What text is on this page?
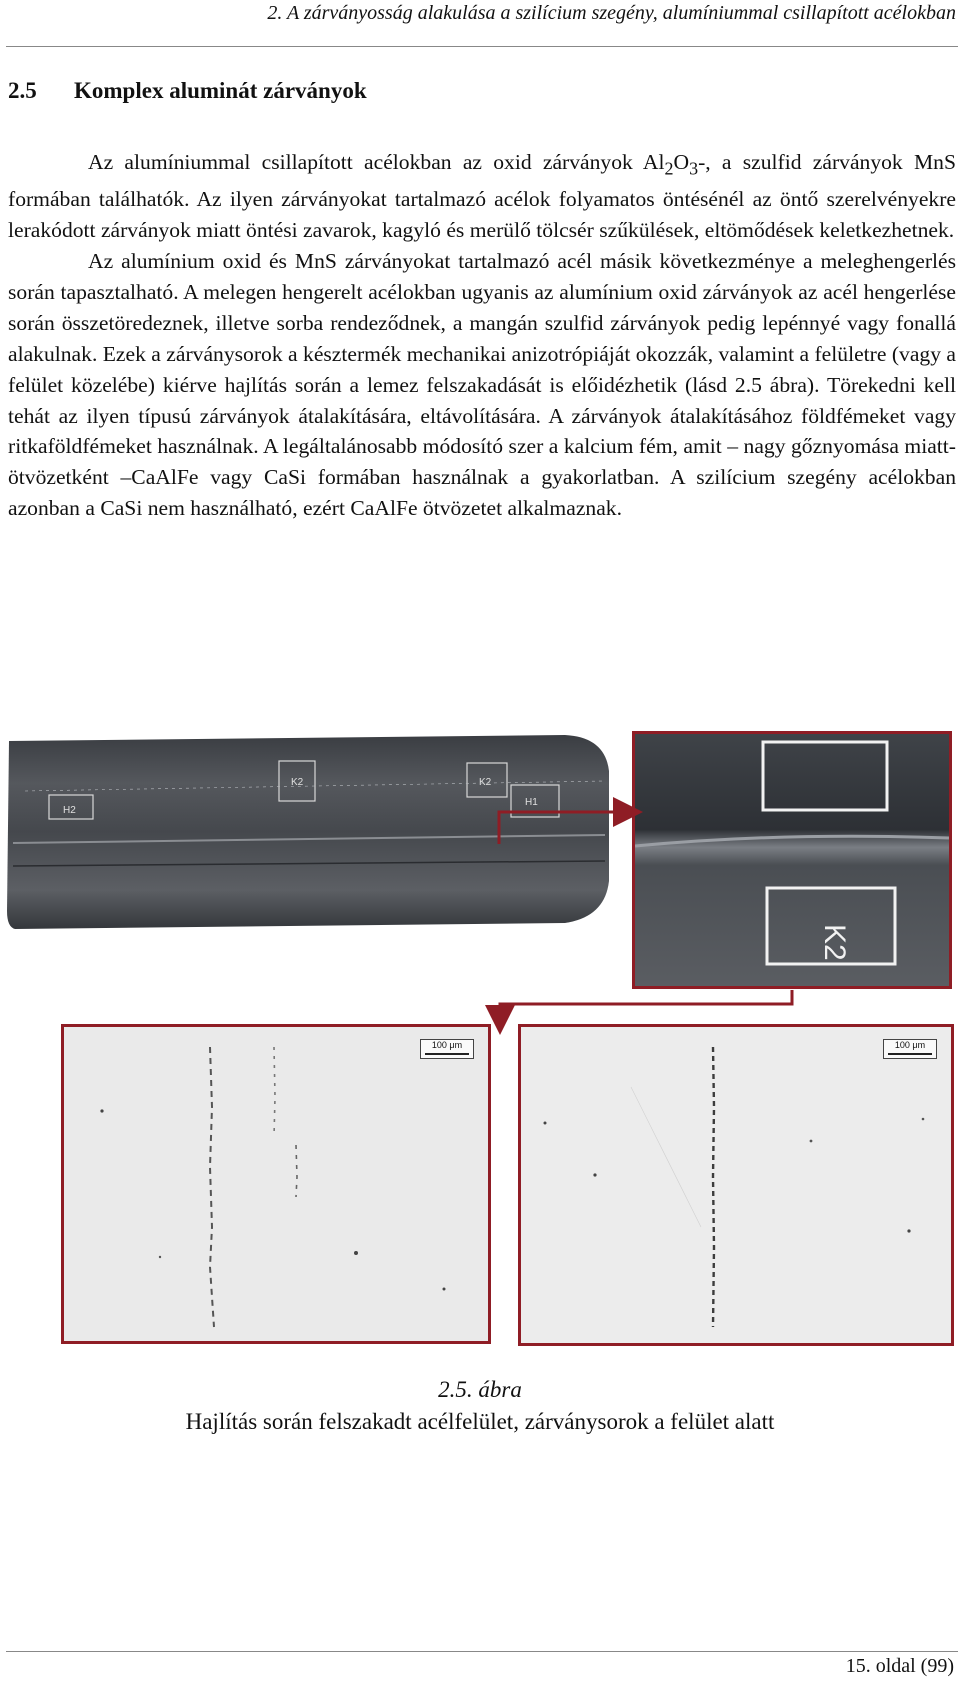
2. A zárványosság alakulása a szilícium szegény, alumíniummal csillapított acélokban
2.5 Komplex aluminát zárványok

Az alumíniummal csillapított acélokban az oxid zárványok $Al_2O_3-$, a szulfid zárványok MnS formában találhatók. Az ilyen zárványokat tartalmazó acélok folyamatos öntésénél az öntő szerelvényekre lerakódott zárványok miatt öntési zavarok, kagyló és merülő tölcsér szűkülések, eltömődések keletkezhetnek.

Az alumínium oxid és MnS zárványokat tartalmazó acél másik következménye a meleghengerlés során tapasztalható. A melegen hengerelt acélokban ugyanis az alumínium oxid zárványok az acél hengerlése során összetöredeznek, illetve sorba rendeződnek, a mangán szulfid zárványok pedig lepénnyé vagy fonallá alakulnak. Ezek a zárványsorok a késztermék mechanikai anizotrópiáját okozzák, valamint a felületre (vagy a felület közelébe) kiérve hajlítás során a lemez felszakadását is előidézhetik (lásd 2.5 ábra). Törekedni kell tehát az ilyen típusú zárványok átalakítására, eltávolítására. A zárványok átalakításához földfémeket vagy ritkaföldfémeket használnak. A legáltalánosabb módosító szer a kalcium fém, amit – nagy gőznyomása miatt-ötvözetként –CaAlFe vagy CaSi formában használnak a gyakorlatban. A szilícium szegény acélokban azonban a CaSi nem használható, ezért CaAlFe ötvözetet alkalmaznak.

H2
K2	K2
H1
K2
100 μm	100 μm
2.5. ábra
Hajlítás során felszakadt acélfelület, zárványsorok a felület alatt
15. oldal (99)
